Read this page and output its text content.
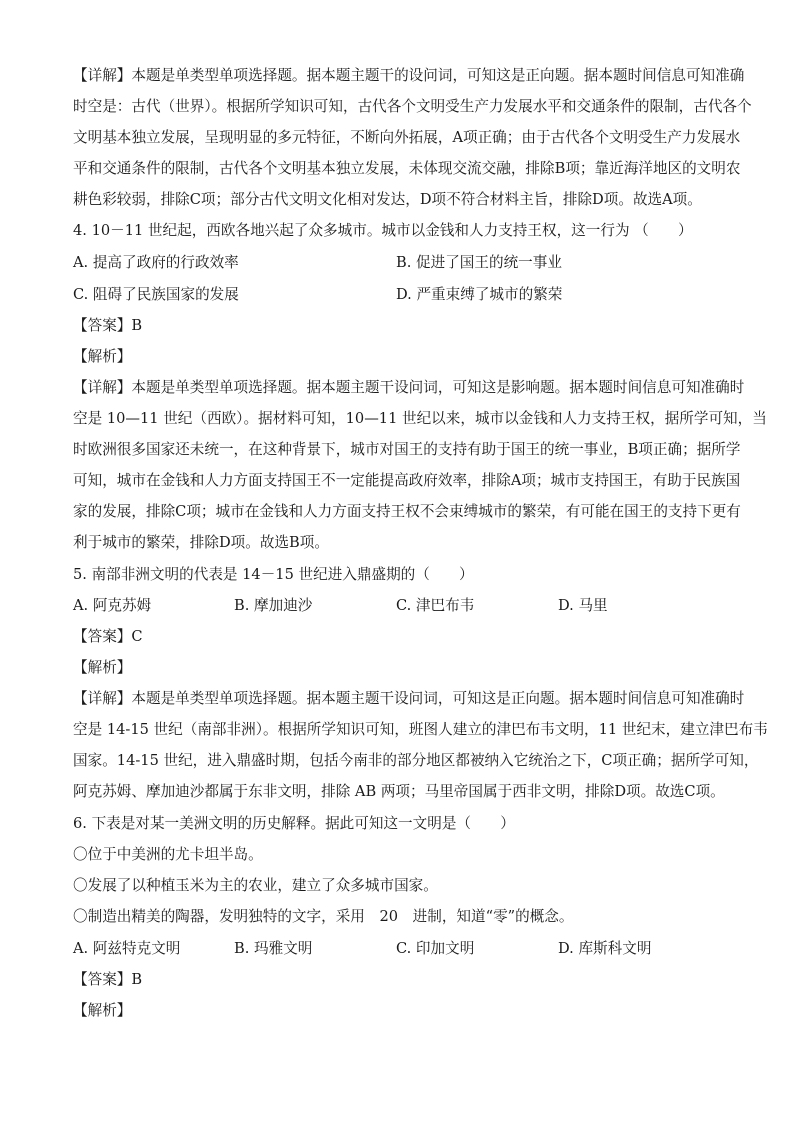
【详解】本题是单类型单项选择题。据本题主题干的设问词，可知这是正向题。据本题时间信息可知准确
时空是：古代（世界）。根据所学知识可知，古代各个文明受生产力发展水平和交通条件的限制，古代各个
文明基本独立发展，呈现明显的多元特征，不断向外拓展，A项正确；由于古代各个文明受生产力发展水
平和交通条件的限制，古代各个文明基本独立发展，未体现交流交融，排除B项；靠近海洋地区的文明农
耕色彩较弱，排除C项；部分古代文明文化相对发达，D项不符合材料主旨，排除D项。故选A项。
4. 10－11 世纪起，西欧各地兴起了众多城市。城市以金钱和人力支持王权，这一行为 （　　）
A. 提高了政府的行政效率	B. 促进了国王的统一事业
C. 阻碍了民族国家的发展	D. 严重束缚了城市的繁荣
【答案】B
【解析】
【详解】本题是单类型单项选择题。据本题主题干设问词，可知这是影响题。据本题时间信息可知准确时
空是 10—11 世纪（西欧）。据材料可知，10—11 世纪以来，城市以金钱和人力支持王权，据所学可知，当
时欧洲很多国家还未统一，在这种背景下，城市对国王的支持有助于国王的统一事业，B项正确；据所学
可知，城市在金钱和人力方面支持国王不一定能提高政府效率，排除A项；城市支持国王，有助于民族国
家的发展，排除C项；城市在金钱和人力方面支持王权不会束缚城市的繁荣，有可能在国王的支持下更有
利于城市的繁荣，排除D项。故选B项。
5. 南部非洲文明的代表是 14－15 世纪进入鼎盛期的（　　）
A. 阿克苏姆	B. 摩加迪沙	C. 津巴布韦	D. 马里
【答案】C
【解析】
【详解】本题是单类型单项选择题。据本题主题干设问词，可知这是正向题。据本题时间信息可知准确时
空是 14-15 世纪（南部非洲）。根据所学知识可知，班图人建立的津巴布韦文明，11 世纪末，建立津巴布韦
国家。14-15 世纪，进入鼎盛时期，包括今南非的部分地区都被纳入它统治之下，C项正确；据所学可知，
阿克苏姆、摩加迪沙都属于东非文明，排除 AB 两项；马里帝国属于西非文明，排除D项。故选C项。
6. 下表是对某一美洲文明的历史解释。据此可知这一文明是（　　）
〇位于中美洲的尤卡坦半岛。
〇发展了以种植玉米为主的农业，建立了众多城市国家。
〇制造出精美的陶器，发明独特的文字，采用　20　进制，知道“零”的概念。
A. 阿兹特克文明	B. 玛雅文明	C. 印加文明	D. 库斯科文明
【答案】B
【解析】
